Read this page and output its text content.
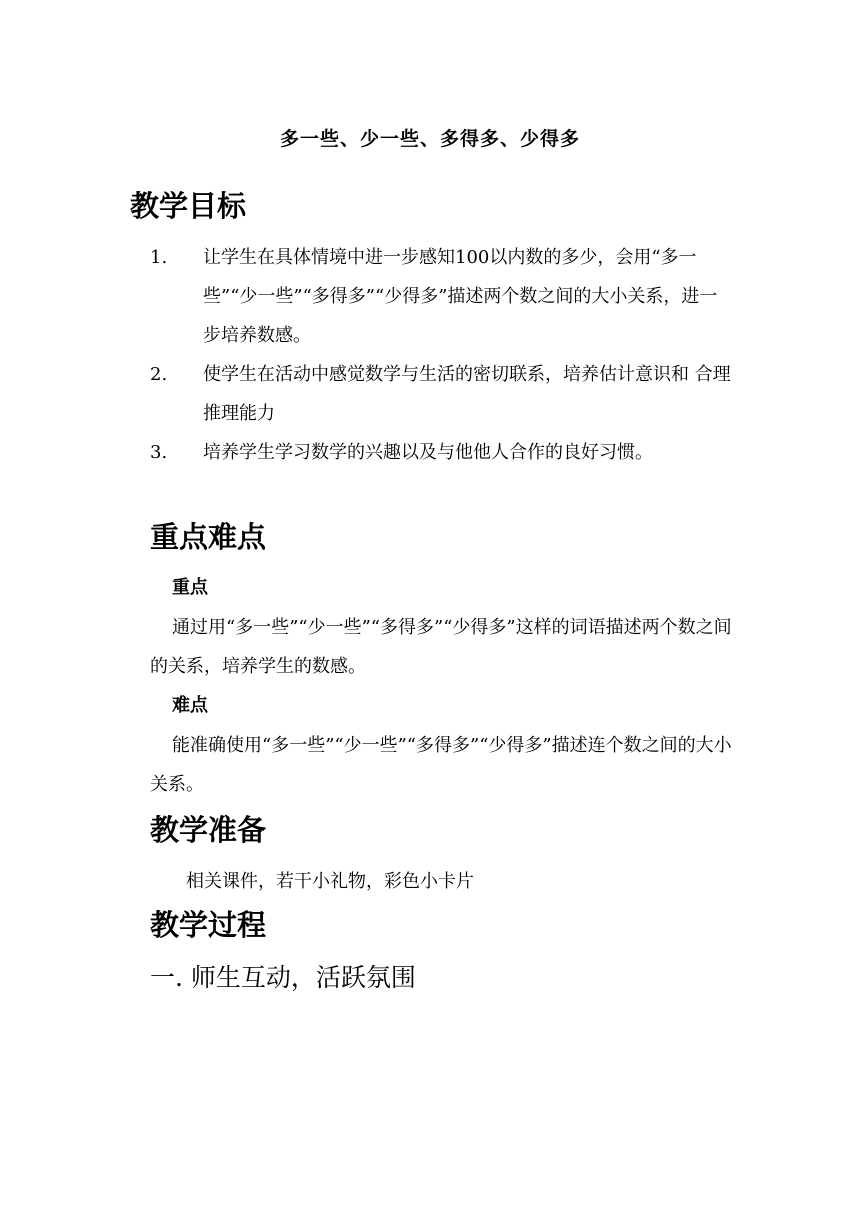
多一些、少一些、多得多、少得多
教学目标
1. 让学生在具体情境中进一步感知100以内数的多少，会用“多一些”“少一些”“多得多”“少得多”描述两个数之间的大小关系，进一步培养数感。
2. 使学生在活动中感觉数学与生活的密切联系，培养估计意识和 合理推理能力
3. 培养学生学习数学的兴趣以及与他他人合作的良好习惯。
重点难点
重点
通过用“多一些”“少一些”“多得多”“少得多”这样的词语描述两个数之间的关系，培养学生的数感。
难点
能准确使用“多一些”“少一些”“多得多”“少得多”描述连个数之间的大小关系。
教学准备
相关课件，若干小礼物，彩色小卡片
教学过程
一. 师生互动，活跃氛围
